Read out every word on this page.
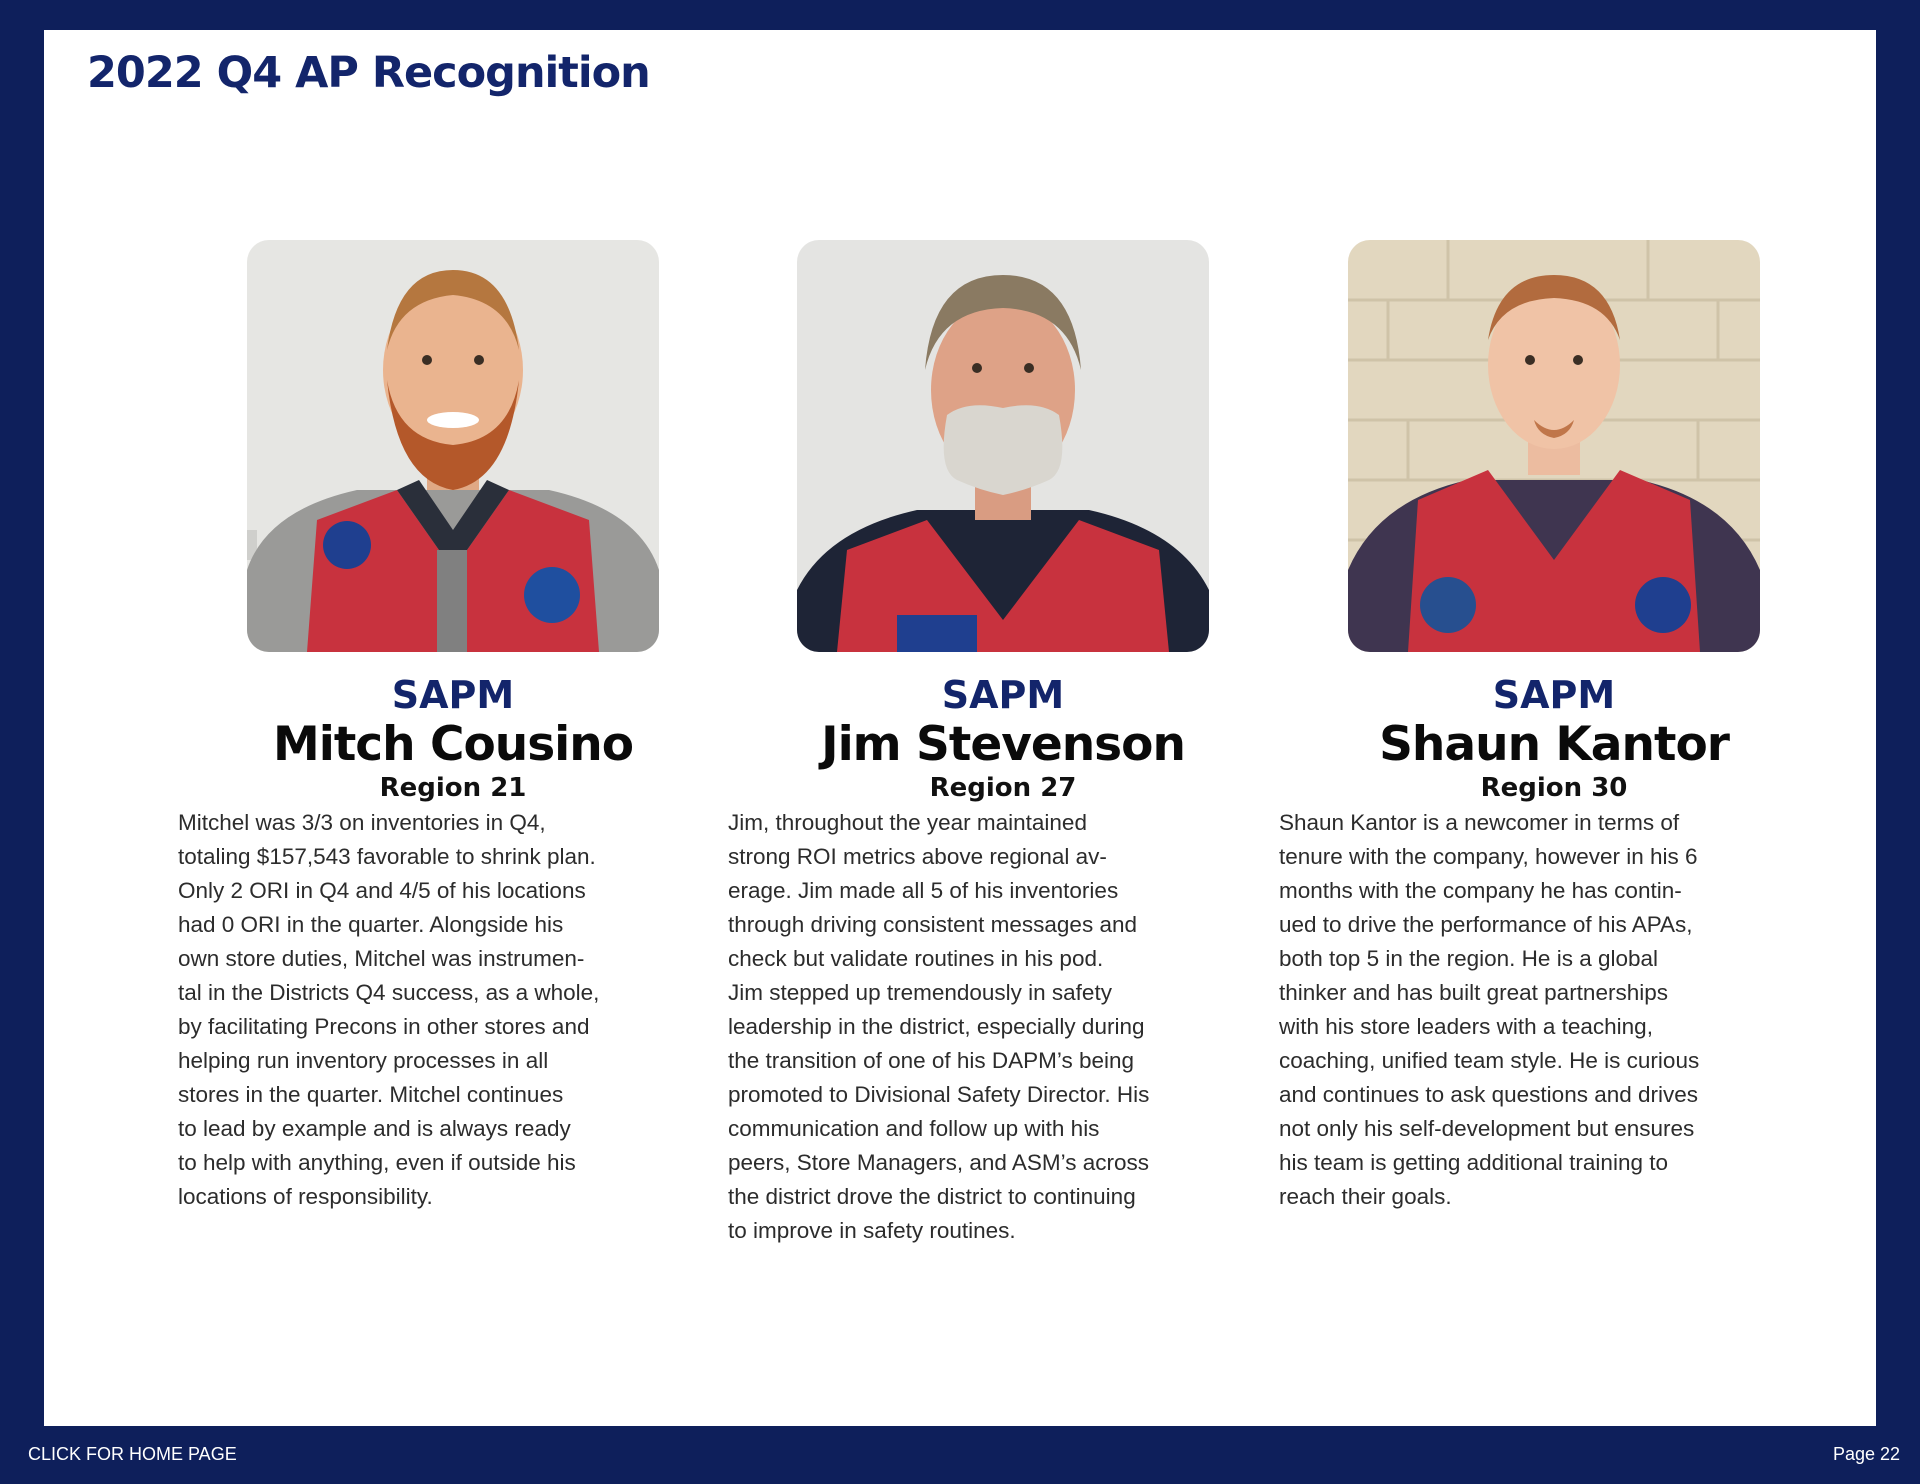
2022 Q4 AP Recognition
SAPM
Mitch Cousino
Region 21

Mitchel was 3/3 on inventories in Q4,
totaling $157,543 favorable to shrink plan.
Only 2 ORI in Q4 and 4/5 of his locations
had 0 ORI in the quarter. Alongside his
own store duties, Mitchel was instrumen-
tal in the Districts Q4 success, as a whole,
by facilitating Precons in other stores and
helping run inventory processes in all
stores in the quarter. Mitchel continues
to lead by example and is always ready
to help with anything, even if outside his
locations of responsibility.

SAPM
Jim Stevenson
Region 27

Jim, throughout the year maintained
strong ROI metrics above regional av-
erage. Jim made all 5 of his inventories
through driving consistent messages and
check but validate routines in his pod.
Jim stepped up tremendously in safety
leadership in the district, especially during
the transition of one of his DAPM’s being
promoted to Divisional Safety Director. His
communication and follow up with his
peers, Store Managers, and ASM’s across
the district drove the district to continuing
to improve in safety routines.

SAPM
Shaun Kantor
Region 30

Shaun Kantor is a newcomer in terms of
tenure with the company, however in his 6
months with the company he has contin-
ued to drive the performance of his APAs,
both top 5 in the region. He is a global
thinker and has built great partnerships
with his store leaders with a teaching,
coaching, unified team style. He is curious
and continues to ask questions and drives
not only his self-development but ensures
his team is getting additional training to
reach their goals.

CLICK FOR HOME PAGE	Page 22
